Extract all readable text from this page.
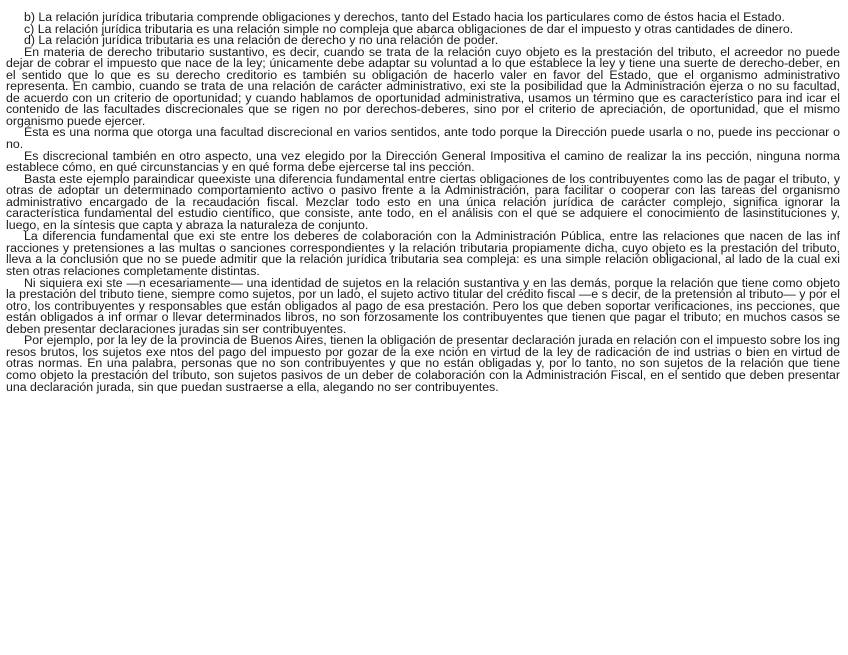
b) La relación jurídica tributaria comprende obligaciones y derechos, tanto del Estado hacia los particulares como de éstos hacia el Estado.

c) La relación jurídica tributaria es una relación simple no compleja que abarca obligaciones de dar el impuesto y otras cantidades de dinero.

d) La relación jurídica tributaria es una relación de derecho y no una relación de poder.

En materia de derecho tributario sustantivo, es decir, cuando se trata de la relación cuyo objeto es la prestación del tributo, el acreedor no puede dejar de cobrar el impuesto que nace de la ley; únicamente debe adaptar su voluntad a lo que establece la ley y tiene una suerte de derecho-deber, en el sentido que lo que es su derecho creditorio es también su obligación de hacerlo valer en favor del Estado, que el organismo administrativo representa. En cambio, cuando se trata de una relación de carácter administrativo, exi ste la posibilidad que la Administración ejerza o no su facultad, de acuerdo con un criterio de oportunidad; y cuando hablamos de oportunidad administrativa, usamos un término que es característico para ind icar el contenido de las facultades discrecionales que se rigen no por derechos-deberes, sino por el criterio de apreciación, de oportunidad, que el mismo organismo puede ejercer.

Ésta es una norma que otorga una facultad discrecional en varios sentidos, ante todo porque la Dirección puede usarla o no, puede ins peccionar o no.

Es discrecional también en otro aspecto, una vez elegido por la Dirección General Impositiva el camino de realizar la ins pección, ninguna norma establece cómo, en qué circunstancias y en qué forma debe ejercerse tal ins pección.

Basta este ejemplo paraindicar queexiste una diferencia fundamental entre ciertas obligaciones de los contribuyentes como las de pagar el tributo, y otras de adoptar un determinado comportamiento activo o pasivo frente a la Administración, para facilitar o cooperar con las tareas del organismo administrativo encargado de la recaudación fiscal. Mezclar todo esto en una única relación jurídica de carácter complejo, significa ignorar la característica fundamental del estudio científico, que consiste, ante todo, en el análisis con el que se adquiere el conocimiento de lasinstituciones y, luego, en la síntesis que capta y abraza la naturaleza de conjunto.

La diferencia fundamental que exi ste entre los deberes de colaboración con la Administración Pública, entre las relaciones que nacen de las inf racciones y pretensiones a las multas o sanciones correspondientes y la relación tributaria propiamente dicha, cuyo objeto es la prestación del tributo, lleva a la conclusión que no se puede admitir que la relación jurídica tributaria sea compleja: es una simple relación obligacional, al lado de la cual exi sten otras relaciones completamente distintas.

Ni siquiera exi ste —n ecesariamente— una identidad de sujetos en la relación sustantiva y en las demás, porque la relación que tiene como objeto la prestación del tributo tiene, siempre como sujetos, por un lado, el sujeto activo titular del crédito fiscal —e s decir, de la pretensión al tributo— y por el otro, los contribuyentes y responsables que están obligados al pago de esa prestación. Pero los que deben soportar verificaciones, ins pecciones, que están obligados a inf ormar o llevar determinados libros, no son forzosamente los contribuyentes que tienen que pagar el tributo; en muchos casos se deben presentar declaraciones juradas sin ser contribuyentes.

Por ejemplo, por la ley de la provincia de Buenos Aires, tienen la obligación de presentar declaración jurada en relación con el impuesto sobre los ing resos brutos, los sujetos exe ntos del pago del impuesto por gozar de la exe nción en virtud de la ley de radicación de ind ustrias o bien en virtud de otras normas. En una palabra, personas que no son contribuyentes y que no están obligadas y, por lo tanto, no son sujetos de la relación que tiene como objeto la prestación del tributo, son sujetos pasivos de un deber de colaboración con la Administración Fiscal, en el sentido que deben presentar una declaración jurada, sin que puedan sustraerse a ella, alegando no ser contribuyentes.
